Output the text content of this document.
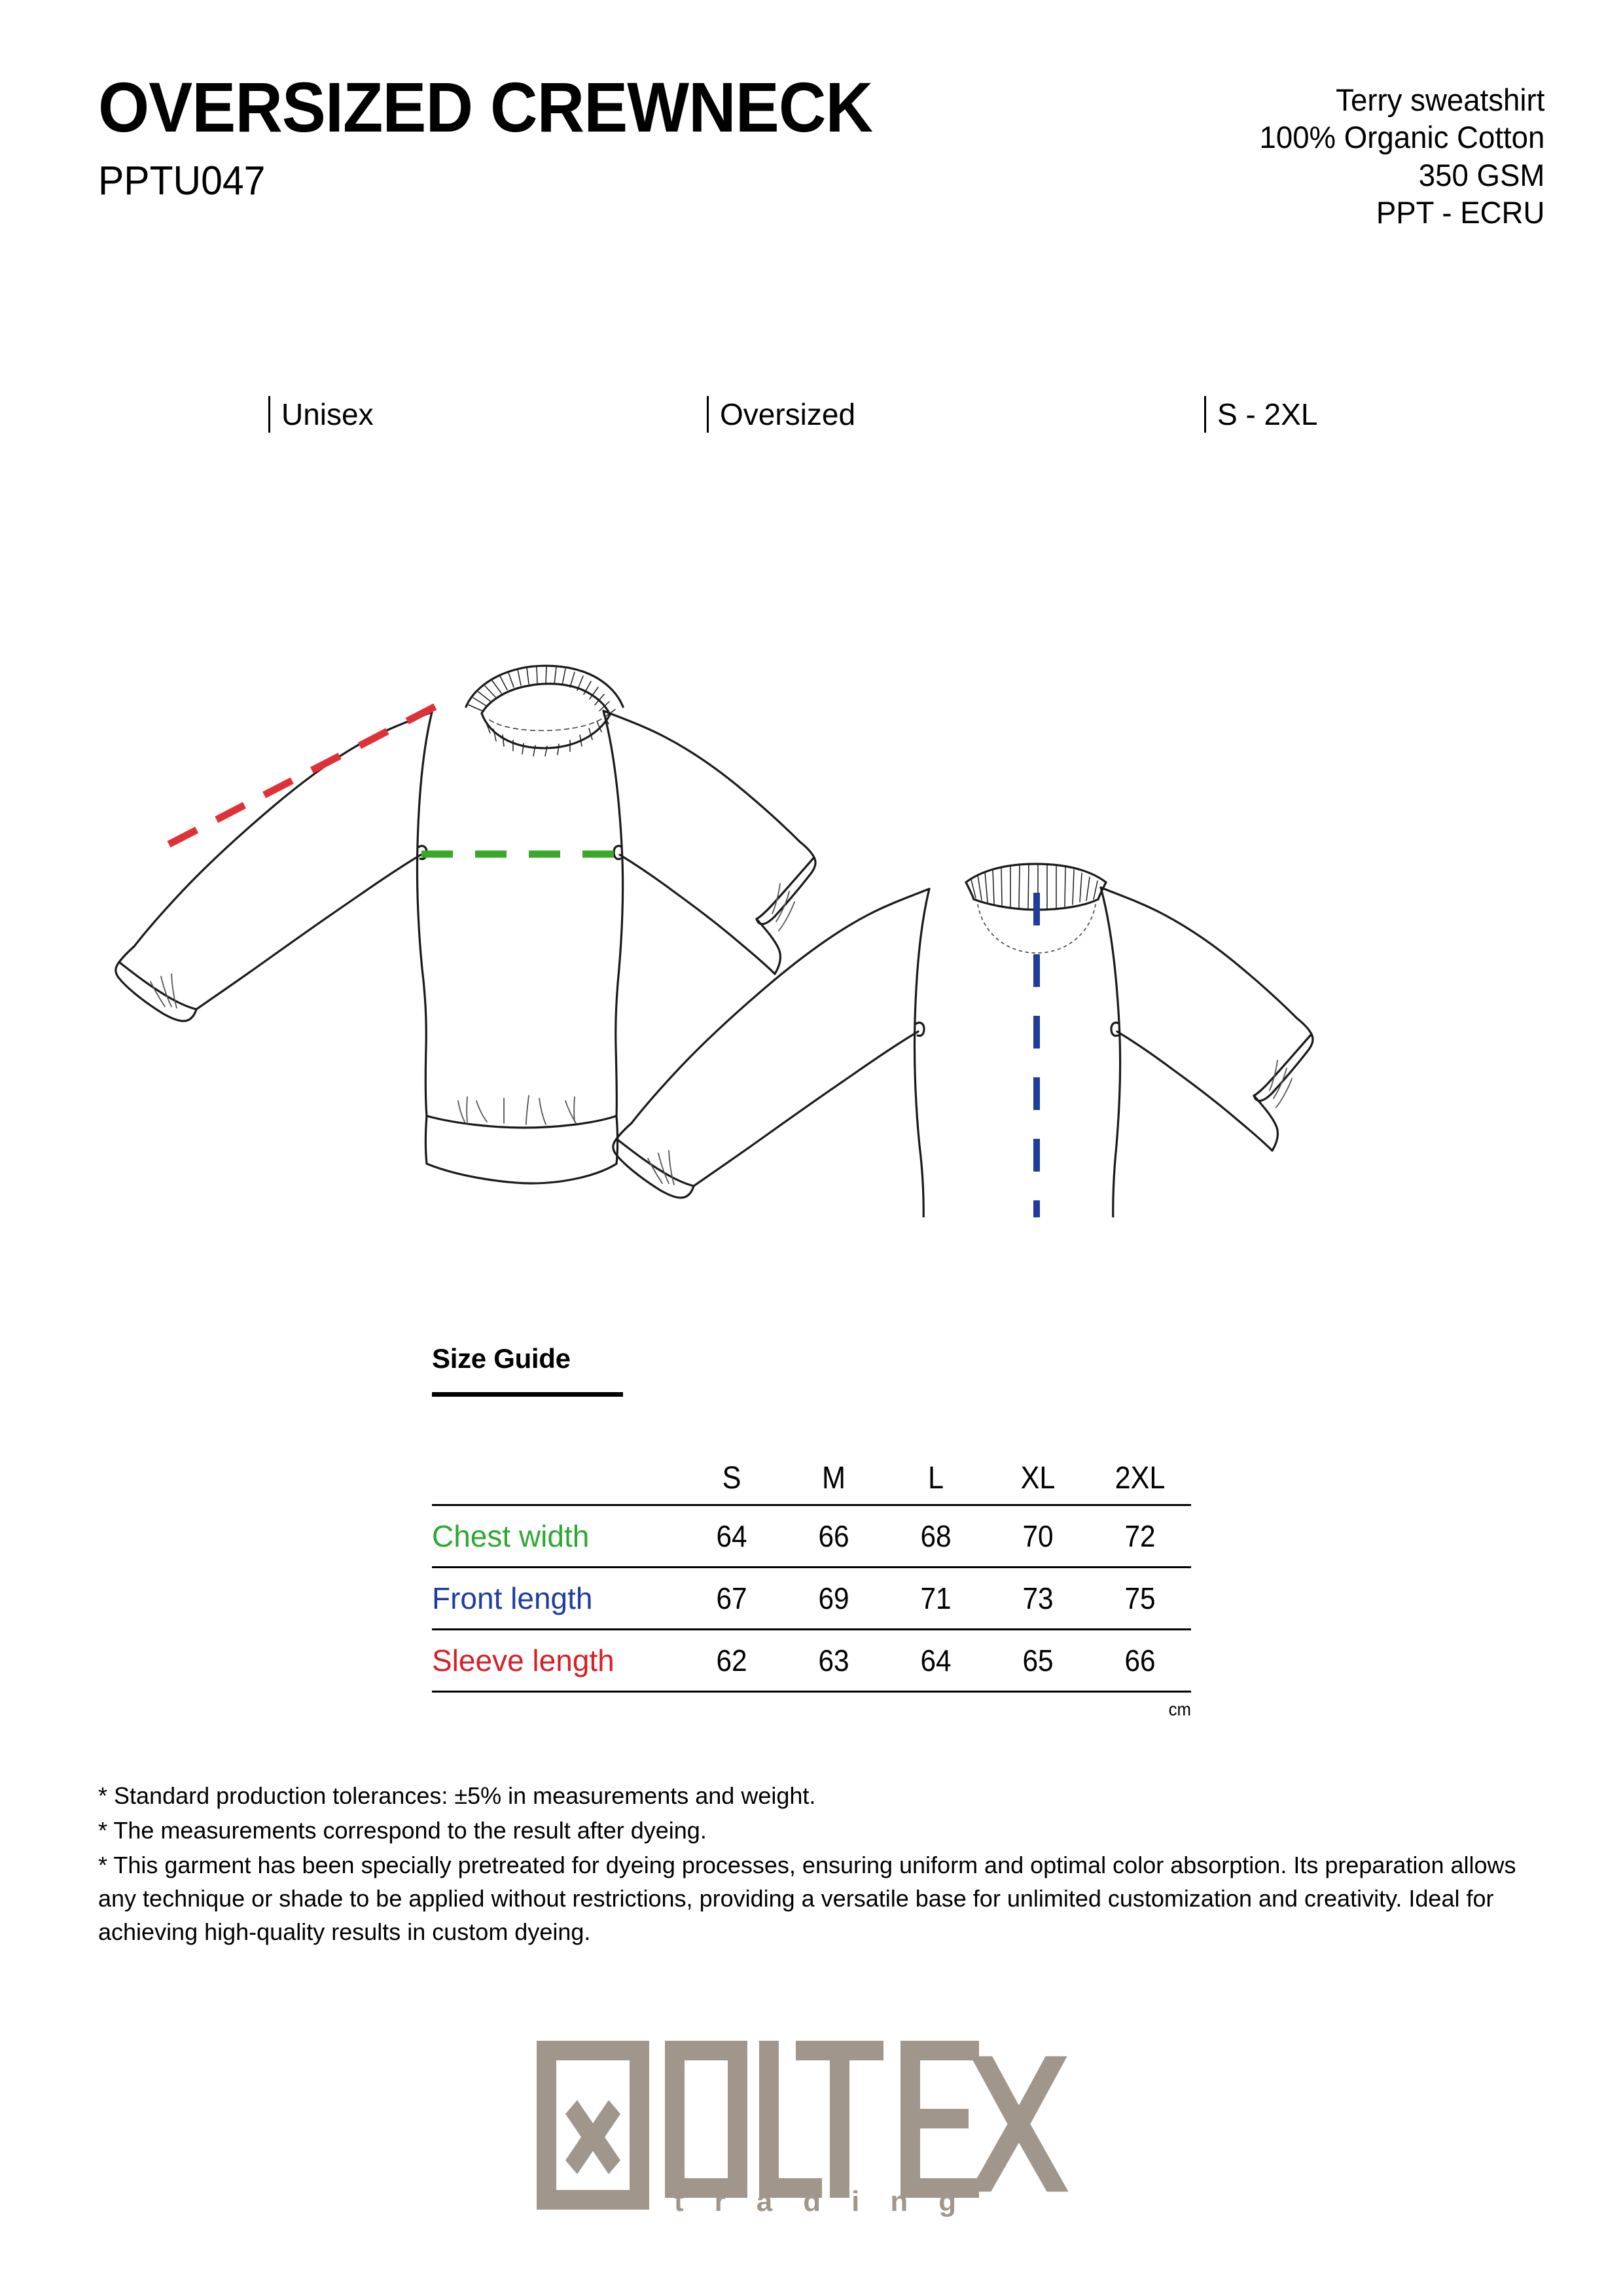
OVERSIZED CREWNECK
PPTU047
Terry sweatshirt
100% Organic Cotton
350 GSM
PPT - ECRU
Unisex	Oversized	S - 2XL
Size Guide
	S	M	L	XL	2XL
Chest width	64	66	68	70	72
Front length	67	69	71	73	75
Sleeve length	62	63	64	65	66
cm

* Standard production tolerances: ±5% in measurements and weight.

* The measurements correspond to the result after dyeing.

* This garment has been specially pretreated for dyeing processes, ensuring uniform and optimal color absorption. Its preparation allows any technique or shade to be applied without restrictions, providing a versatile base for unlimited customization and creativity. Ideal for achieving high-quality results in custom dyeing.

trading
